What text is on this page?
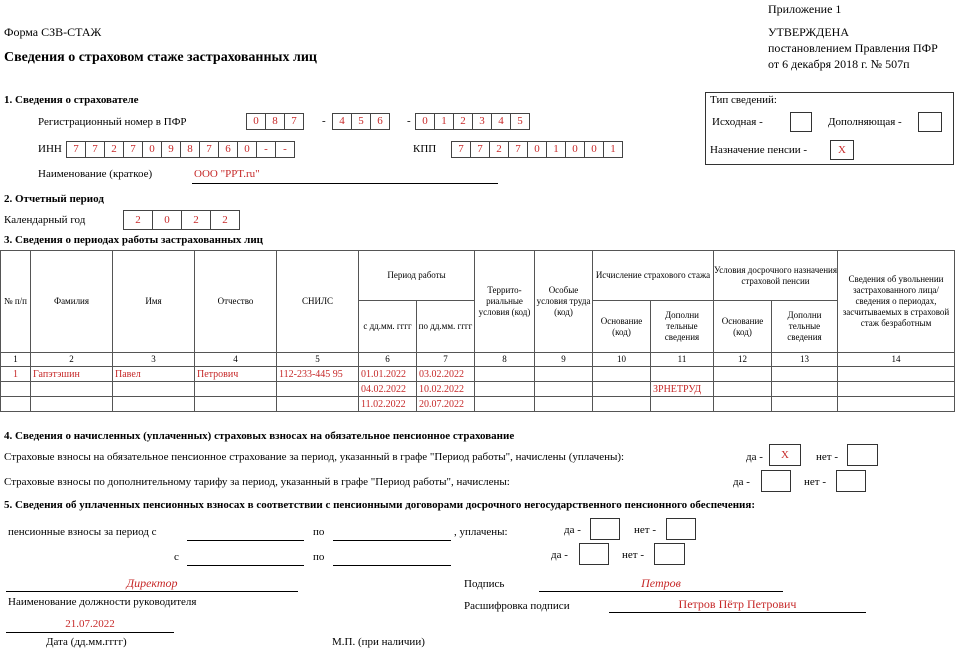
Форма СЗВ-СТАЖ
Сведения о страховом стаже застрахованных лиц
Приложение 1
УТВЕРЖДЕНА
постановлением Правления ПФР
от 6 декабря 2018 г. № 507п
1. Сведения о страхователе
Регистрационный номер в ПФР	0	8	7	-	4	5	6	-	0	1	2	3	4	5
ИНН	7	7	2	7	0	9	8	7	6	0	-	-	КПП	7	7	2	7	0	1	0	0	1
Наименование (краткое)	ООО "PPT.ru"
Тип сведений:
Исходная -	Дополняющая -
Назначение пенсии -	X
2. Отчетный период
Календарный год	2	0	2	2
3. Сведения о периодах работы застрахованных лиц
№ п/п	Фамилия	Имя	Отчество	СНИЛС	Период работы		Террито- риальные условия (код)	Особые условия труда (код)	Исчисление страхового стажа		Условия досрочного назначения страховой пенсии		Сведения об увольнении застрахованного лица/ сведения о периодах, засчитываемых в страховой стаж безработным
					с дд.мм. гггг	по дд.мм. гггг			Основание (код)	Дополни тельные сведения	Основание (код)	Дополни тельные сведения	
1	2	3	4	5	6	7	8	9	10	11	12	13	14
1	Гапэтэшин	Павел	Петрович	112-233-445 95	01.01.2022	03.02.2022							
					04.02.2022	10.02.2022				ЗРНЕТРУД			
					11.02.2022	20.07.2022							
4. Сведения о начисленных (уплаченных) страховых взносах на обязательное пенсионное страхование
Страховые взносы на обязательное пенсионное страхование за период, указанный в графе "Период работы", начислены (уплачены):	да -	X	нет -
Страховые взносы по дополнительному тарифу за период, указанный в графе "Период работы", начислены:	да -	нет -
5. Сведения об уплаченных пенсионных взносах в соответствии с пенсионными договорами досрочного негосударственного пенсионного обеспечения:
пенсионные взносы за период с	по	, уплачены:	да -	нет -
с	по	да -	нет -
Директор
Наименование должности руководителя
21.07.2022
Дата (дд.мм.гггг)	М.П. (при наличии)
Подпись	Петров
Расшифровка подписи	Петров Пётр Петрович
